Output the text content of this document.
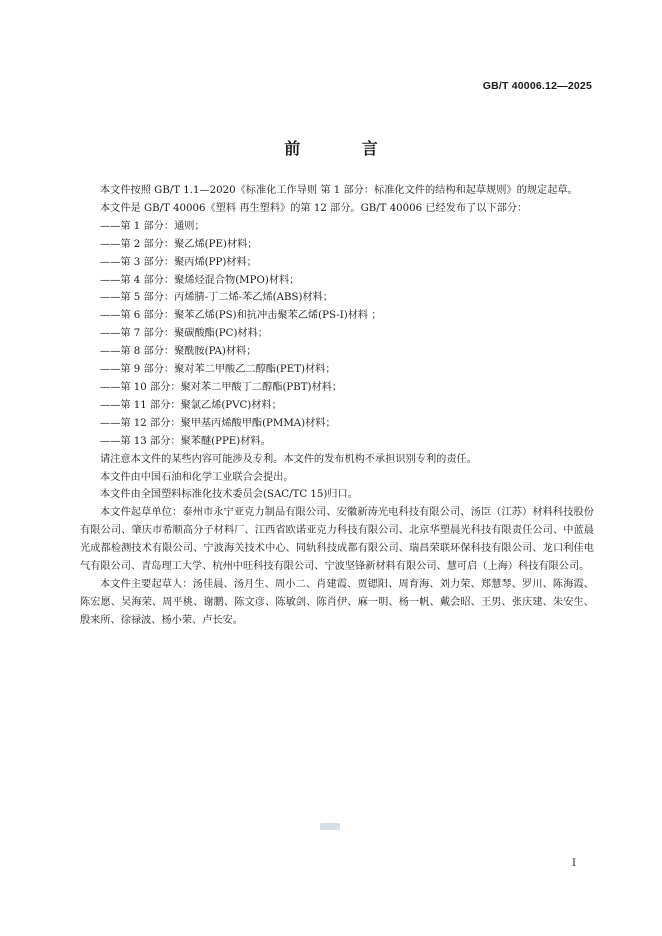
GB/T 40006.12—2025
前 言

本文件按照 GB/T 1.1—2020《标准化工作导则 第 1 部分：标准化文件的结构和起草规则》的规定起草。

本文件是 GB/T 40006《塑料 再生塑料》的第 12 部分。GB/T 40006 已经发布了以下部分：

——第 1 部分：通则；

——第 2 部分：聚乙烯(PE)材料；

——第 3 部分：聚丙烯(PP)材料；

——第 4 部分：聚烯烃混合物(MPO)材料；

——第 5 部分：丙烯腈-丁二烯-苯乙烯(ABS)材料；

——第 6 部分：聚苯乙烯(PS)和抗冲击聚苯乙烯(PS-I)材料 ；

——第 7 部分：聚碳酸酯(PC)材料；

——第 8 部分：聚酰胺(PA)材料；

——第 9 部分：聚对苯二甲酸乙二醇酯(PET)材料；

——第 10 部分：聚对苯二甲酸丁二醇酯(PBT)材料；

——第 11 部分：聚氯乙烯(PVC)材料；

——第 12 部分：聚甲基丙烯酸甲酯(PMMA)材料；

——第 13 部分：聚苯醚(PPE)材料。

请注意本文件的某些内容可能涉及专利。本文件的发布机构不承担识别专利的责任。

本文件由中国石油和化学工业联合会提出。

本文件由全国塑料标准化技术委员会(SAC/TC 15)归口。

本文件起草单位：泰州市永宁亚克力制品有限公司、安徽新涛光电科技有限公司、汤臣（江苏）材料科技股份有限公司、肇庆市希顺高分子材料厂、江西省欧诺亚克力科技有限公司、北京华塑晨光科技有限责任公司、中蓝晨光成都检测技术有限公司、宁波海关技术中心、同轨科技成都有限公司、瑞昌荣联环保科技有限公司、龙口利佳电气有限公司、青岛理工大学、杭州中旺科技有限公司、宁波坚锋新材料有限公司、慧可启（上海）科技有限公司。

本文件主要起草人：汤佳晨、汤月生、周小二、肖建霞、贾锶阳、周育海、刘力荣、郑慧琴、罗川、陈海霞、陈宏愿、吴海荣、周平桃、谢鹏、陈文彦、陈敏剑、陈肖伊、麻一明、杨一帆、戴会昭、王男、张庆建、朱安生、殷来所、徐禄波、杨小荣、卢长安。

I
